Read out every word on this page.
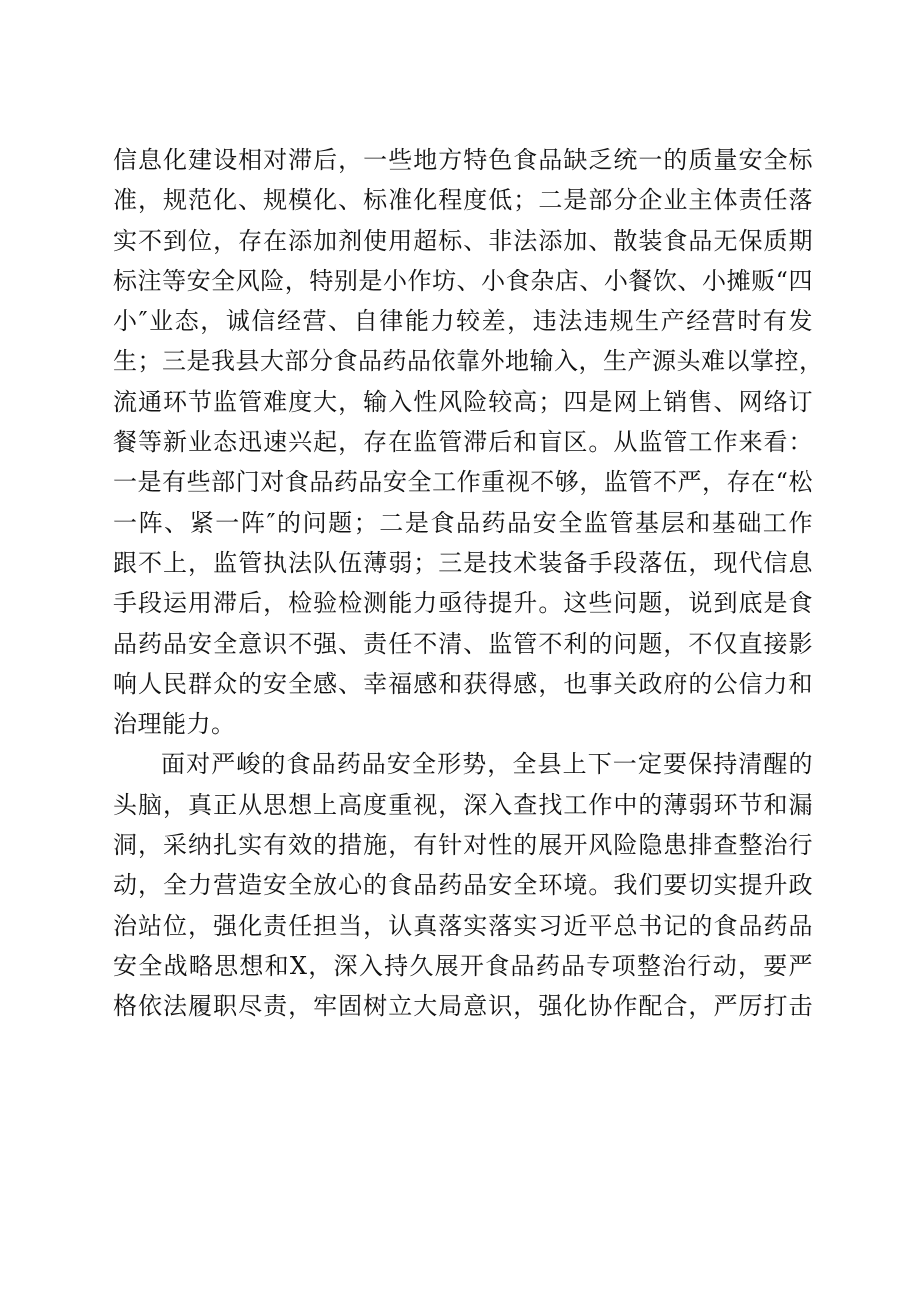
信息化建设相对滞后，一些地方特色食品缺乏统一的质量安全标
准，规范化、规模化、标准化程度低；二是部分企业主体责任落
实不到位，存在添加剂使用超标、非法添加、散装食品无保质期
标注等安全风险，特别是小作坊、小食杂店、小餐饮、小摊贩“四
小″业态，诚信经营、自律能力较差，违法违规生产经营时有发
生；三是我县大部分食品药品依靠外地输入，生产源头难以掌控，
流通环节监管难度大，输入性风险较高；四是网上销售、网络订
餐等新业态迅速兴起，存在监管滞后和盲区。从监管工作来看：
一是有些部门对食品药品安全工作重视不够，监管不严，存在“松
一阵、紧一阵″的问题；二是食品药品安全监管基层和基础工作
跟不上，监管执法队伍薄弱；三是技术装备手段落伍，现代信息
手段运用滞后，检验检测能力亟待提升。这些问题，说到底是食
品药品安全意识不强、责任不清、监管不利的问题，不仅直接影
响人民群众的安全感、幸福感和获得感，也事关政府的公信力和
治理能力。
面对严峻的食品药品安全形势，全县上下一定要保持清醒的
头脑，真正从思想上高度重视，深入查找工作中的薄弱环节和漏
洞，采纳扎实有效的措施，有针对性的展开风险隐患排查整治行
动，全力营造安全放心的食品药品安全环境。我们要切实提升政
治站位，强化责任担当，认真落实落实习近平总书记的食品药品
安全战略思想和X，深入持久展开食品药品专项整治行动，要严
格依法履职尽责，牢固树立大局意识，强化协作配合，严厉打击
